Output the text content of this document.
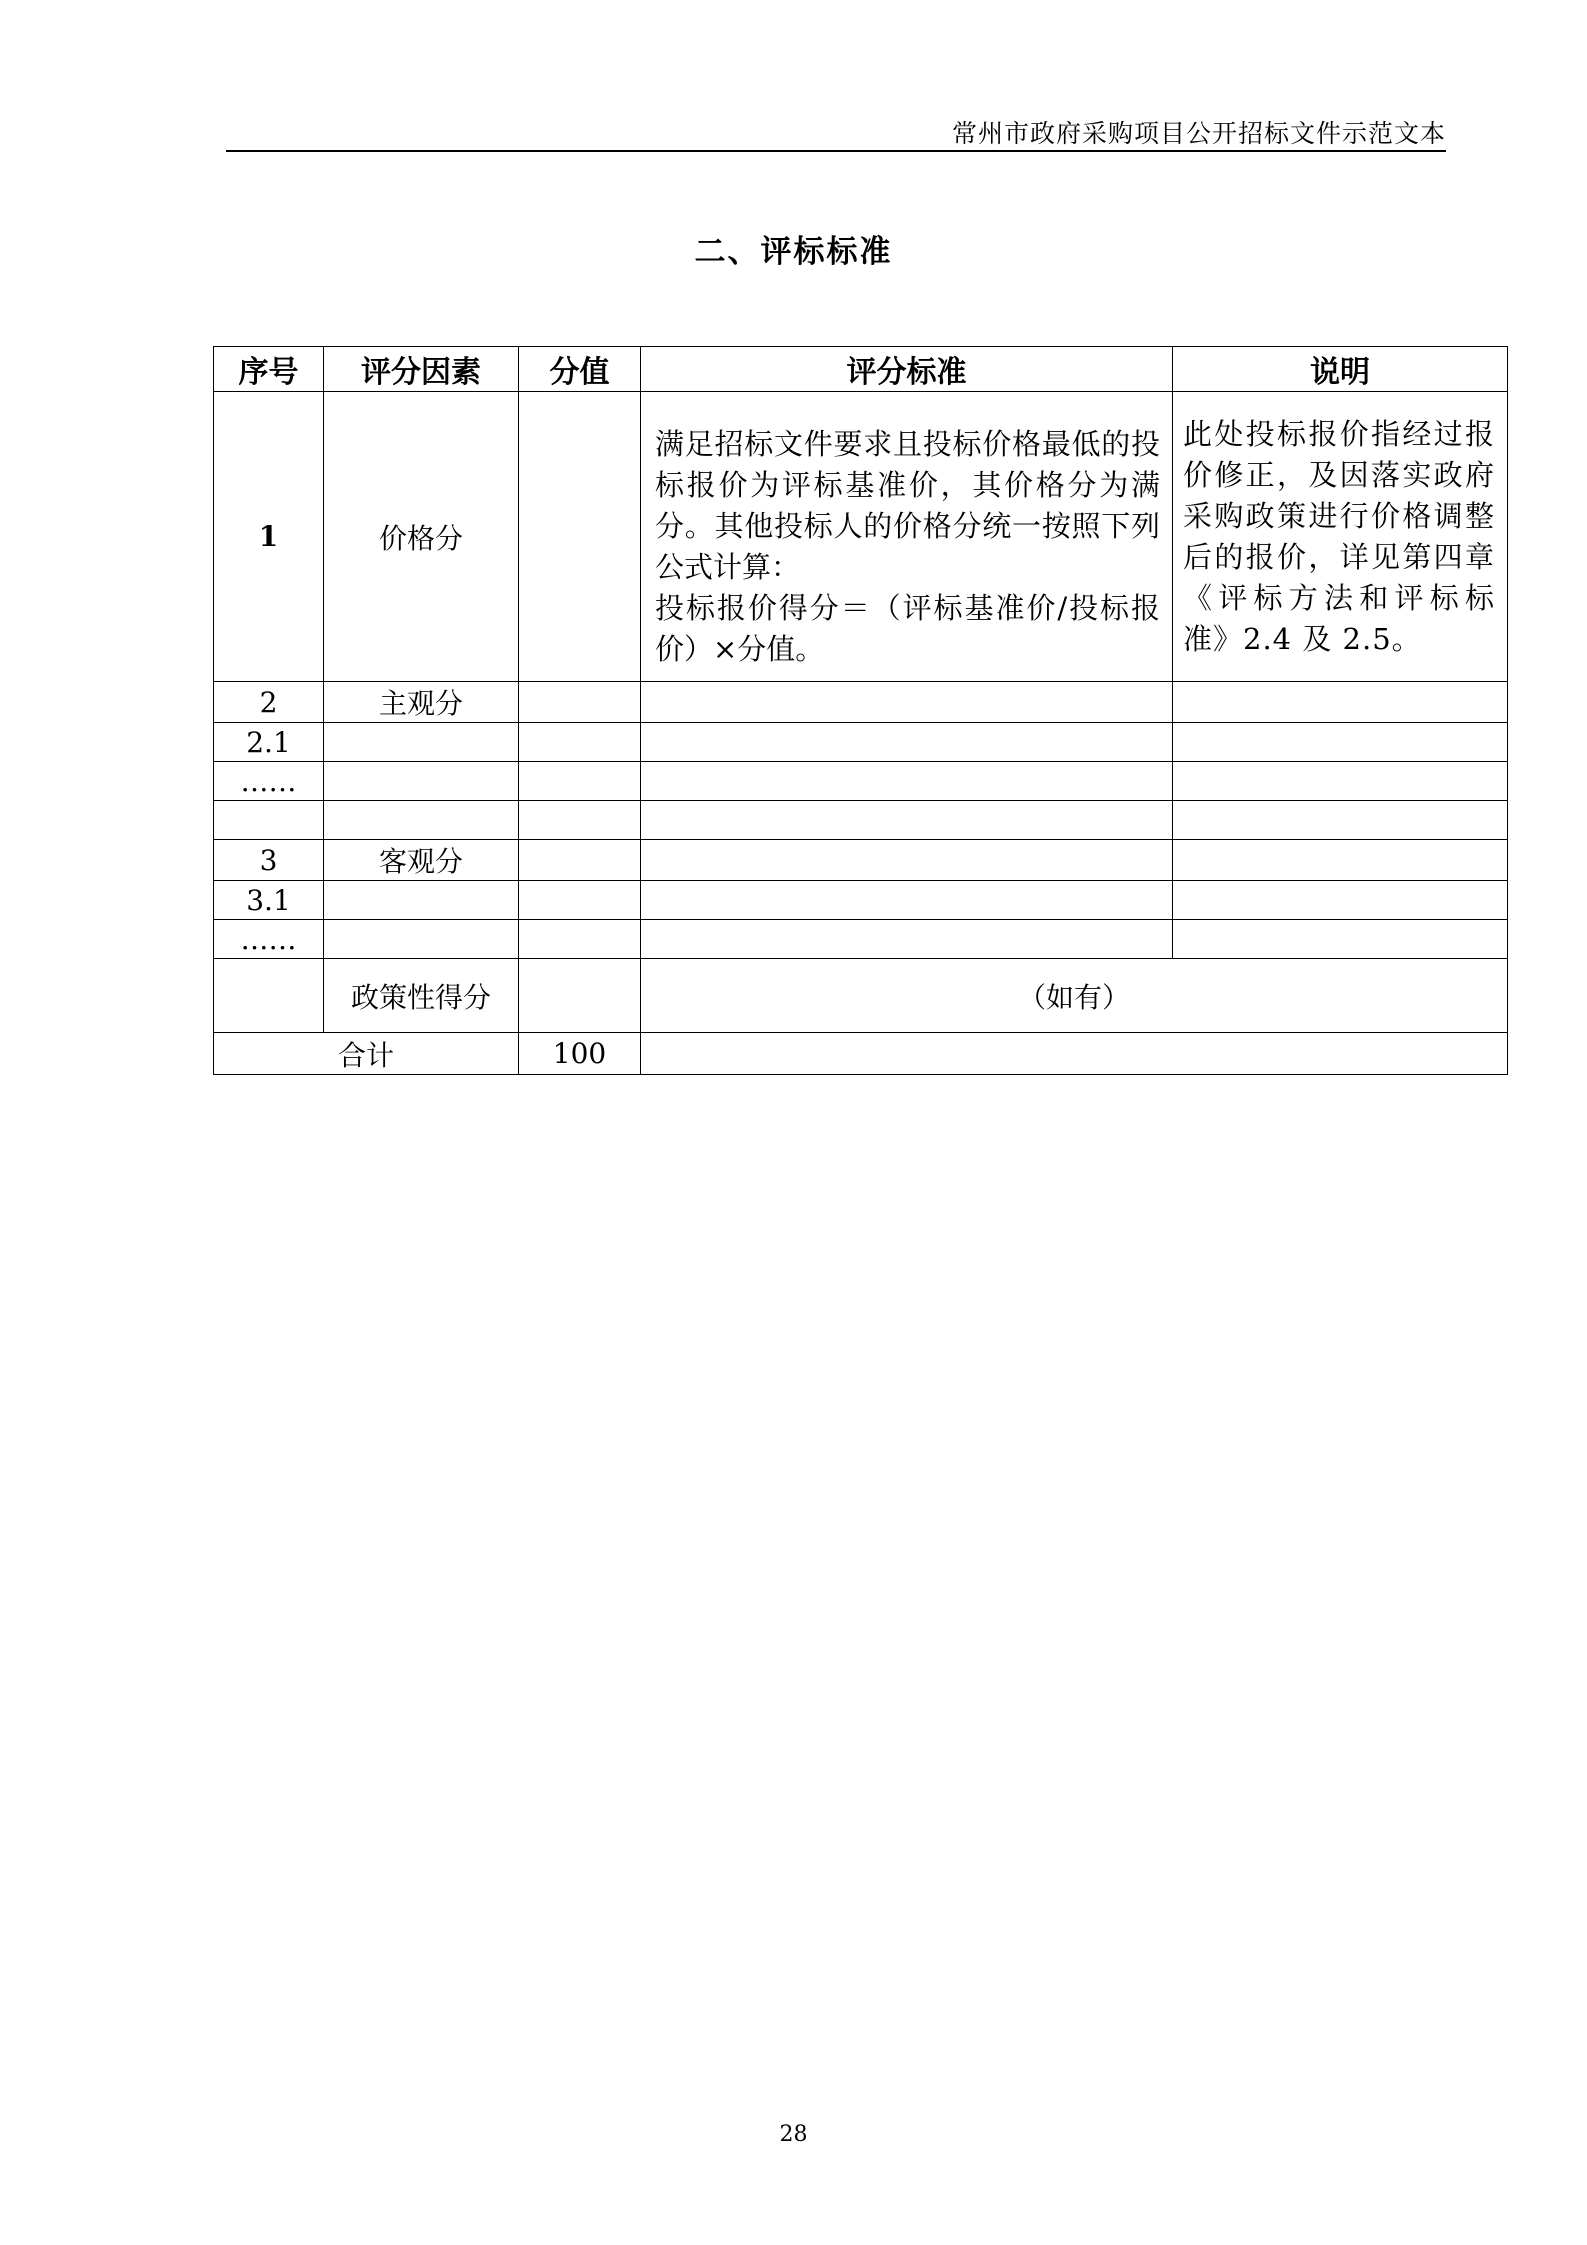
常州市政府采购项目公开招标文件示范文本
二、评标标准
序号	评分因素	分值	评分标准	说明
1	价格分		满足招标文件要求且投标价格最低的投标报价为评标基准价，其价格分为满分。其他投标人的价格分统一按照下列公式计算：
投标报价得分＝（评标基准价/投标报价）×分值。	此处投标报价指经过报价修正，及因落实政府采购政策进行价格调整后的报价，详见第四章《评标方法和评标标准》2.4 及 2.5。

2	主观分			
2.1				
……				

3	客观分			
3.1				
……				
	政策性得分		（如有）	
合计		100		
28
